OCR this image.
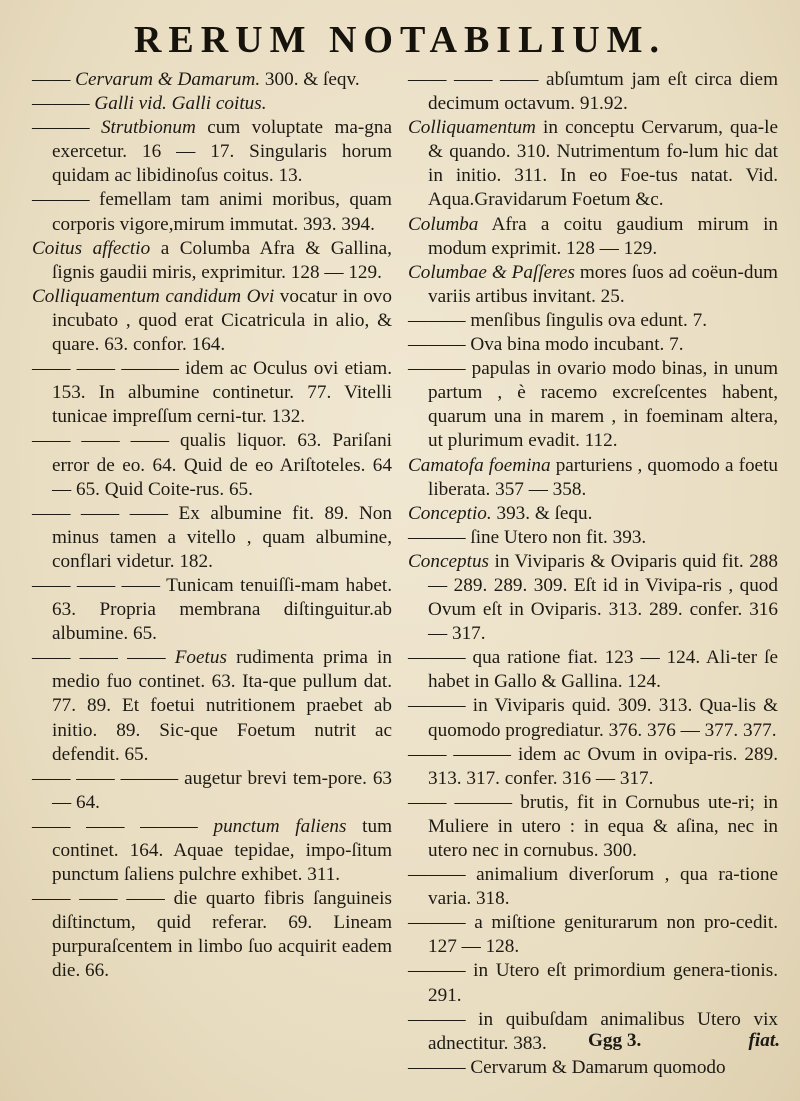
RERUM NOTABILIUM.

—— Cervarum & Damarum. 300. & ſeqv.

——— Galli vid. Galli coitus.

——— Strutbionum cum voluptate ma-gna exercetur. 16 — 17. Singularis horum quidam ac libidinoſus coitus. 13.

——— femellam tam animi moribus, quam corporis vigore,mirum immutat. 393. 394.

Coitus affectio a Columba Afra & Gallina, ſignis gaudii miris, exprimitur. 128 — 129.

Colliquamentum candidum Ovi vocatur in ovo incubato , quod erat Cicatricula in alio, & quare. 63. confor. 164.

—— —— ——— idem ac Oculus ovi etiam. 153. In albumine continetur. 77. Vitelli tunicae impreſſum cerni-tur. 132.

—— —— —— qualis liquor. 63. Pariſani error de eo. 64. Quid de eo Ariſtoteles. 64 — 65. Quid Coite-rus. 65.

—— —— —— Ex albumine fit. 89. Non minus tamen a vitello , quam albumine, conflari videtur. 182.

—— —— —— Tunicam tenuiſſi-mam habet. 63. Propria membrana diſtinguitur.ab albumine. 65.

—— —— —— Foetus rudimenta prima in medio fuo continet. 63. Ita-que pullum dat. 77. 89. Et foetui nutritionem praebet ab initio. 89. Sic-que Foetum nutrit ac defendit. 65.

—— —— ——— augetur brevi tem-pore. 63 — 64.

—— —— ——— punctum faliens tum continet. 164. Aquae tepidae, impo-ſitum punctum ſaliens pulchre exhibet. 311.

—— —— —— die quarto fibris ſanguineis diſtinctum, quid referar. 69. Lineam purpuraſcentem in limbo ſuo acquirit eadem die. 66.

—— —— —— abſumtum jam eſt circa diem decimum octavum. 91.92.

Colliquamentum in conceptu Cervarum, qua-le & quando. 310. Nutrimentum fo-lum hic dat in initio. 311. In eo Foe-tus natat. Vid. Aqua.Gravidarum Foetum &c.

Columba Afra a coitu gaudium mirum in modum exprimit. 128 — 129.

Columbae & Paſſeres mores ſuos ad coëun-dum variis artibus invitant. 25.

——— menſibus ſingulis ova edunt. 7.

——— Ova bina modo incubant. 7.

——— papulas in ovario modo binas, in unum partum , è racemo excreſcentes habent, quarum una in marem , in foeminam altera, ut plurimum evadit. 112.

Camatofa foemina parturiens , quomodo a foetu liberata. 357 — 358.

Conceptio. 393. & ſequ.

——— ſine Utero non fit. 393.

Conceptus in Viviparis & Oviparis quid fit. 288 — 289. 289. 309. Eſt id in Vivipa-ris , quod Ovum eſt in Oviparis. 313. 289. confer. 316 — 317.

——— qua ratione fiat. 123 — 124. Ali-ter ſe habet in Gallo & Gallina. 124.

——— in Viviparis quid. 309. 313. Qua-lis & quomodo progrediatur. 376. 376 — 377. 377.

—— ——— idem ac Ovum in ovipa-ris. 289. 313. 317. confer. 316 — 317.

—— ——— brutis, fit in Cornubus ute-ri; in Muliere in utero : in equa & aſina, nec in utero nec in cornubus. 300.

——— animalium diverſorum , qua ra-tione varia. 318.

——— a miſtione geniturarum non pro-cedit. 127 — 128.

——— in Utero eſt primordium genera-tionis. 291.

——— in quibuſdam animalibus Utero vix adnectitur. 383.

——— Cervarum & Damarum quomodo

Ggg 3.	fiat.
